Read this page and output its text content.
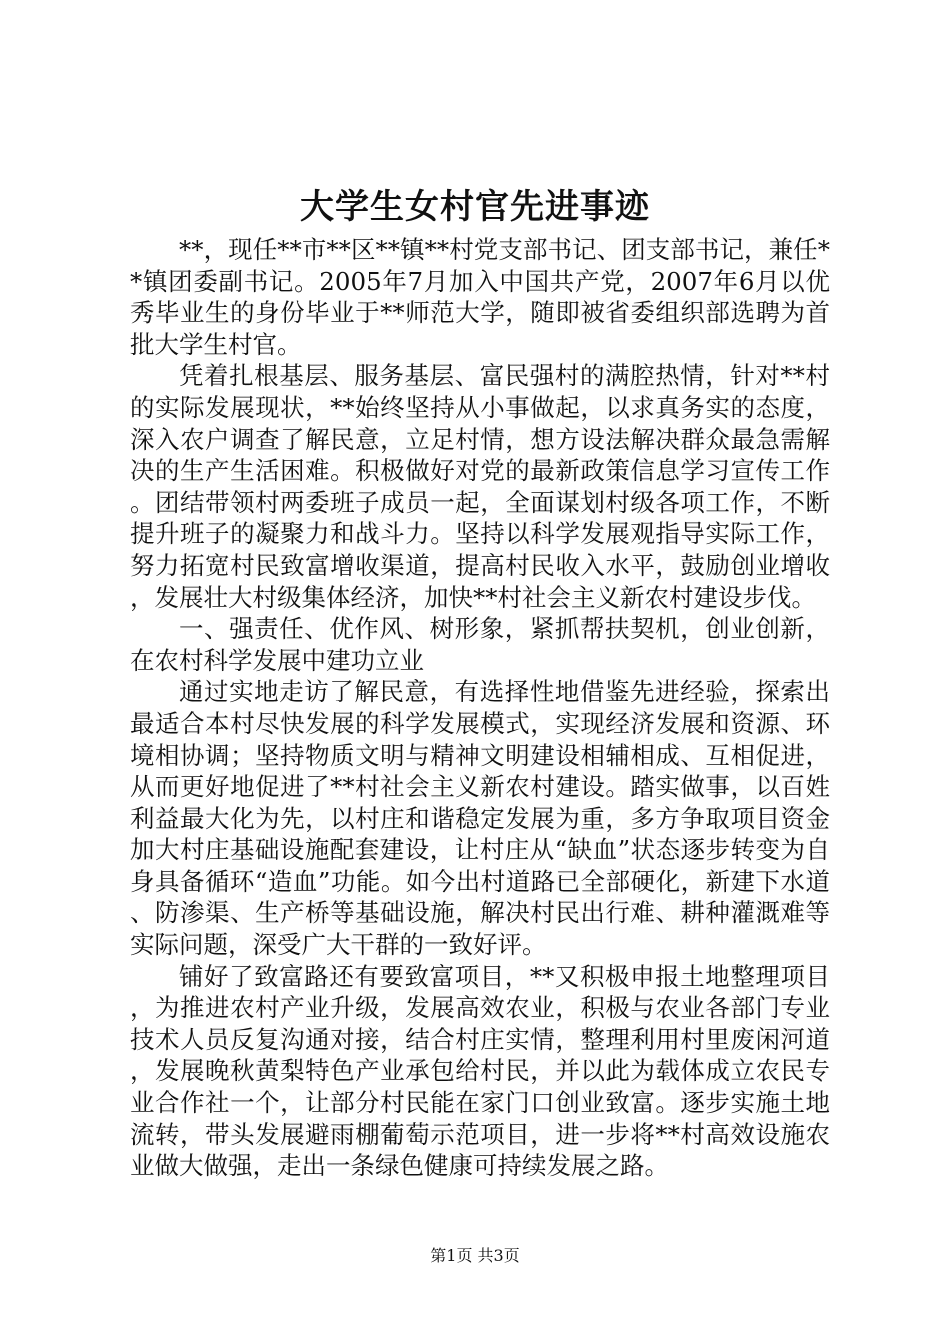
大学生女村官先进事迹

**，现任**市**区**镇**村党支部书记、团支部书记，兼任**镇团委副书记。2005年7月加入中国共产党，2007年6月以优秀毕业生的身份毕业于**师范大学，随即被省委组织部选聘为首批大学生村官。

凭着扎根基层、服务基层、富民强村的满腔热情，针对**村的实际发展现状，**始终坚持从小事做起，以求真务实的态度，深入农户调查了解民意，立足村情，想方设法解决群众最急需解决的生产生活困难。积极做好对党的最新政策信息学习宣传工作。团结带领村两委班子成员一起，全面谋划村级各项工作，不断提升班子的凝聚力和战斗力。坚持以科学发展观指导实际工作，努力拓宽村民致富增收渠道，提高村民收入水平，鼓励创业增收，发展壮大村级集体经济，加快**村社会主义新农村建设步伐。

一、强责任、优作风、树形象，紧抓帮扶契机，创业创新，在农村科学发展中建功立业

通过实地走访了解民意，有选择性地借鉴先进经验，探索出最适合本村尽快发展的科学发展模式，实现经济发展和资源、环境相协调；坚持物质文明与精神文明建设相辅相成、互相促进，从而更好地促进了**村社会主义新农村建设。踏实做事，以百姓利益最大化为先，以村庄和谐稳定发展为重，多方争取项目资金加大村庄基础设施配套建设，让村庄从“缺血”状态逐步转变为自身具备循环“造血”功能。如今出村道路已全部硬化，新建下水道、防渗渠、生产桥等基础设施，解决村民出行难、耕种灌溉难等实际问题，深受广大干群的一致好评。

铺好了致富路还有要致富项目，**又积极申报土地整理项目，为推进农村产业升级，发展高效农业，积极与农业各部门专业技术人员反复沟通对接，结合村庄实情，整理利用村里废闲河道，发展晚秋黄梨特色产业承包给村民，并以此为载体成立农民专业合作社一个，让部分村民能在家门口创业致富。逐步实施土地流转，带头发展避雨棚葡萄示范项目，进一步将**村高效设施农业做大做强，走出一条绿色健康可持续发展之路。

第1页 共3页
